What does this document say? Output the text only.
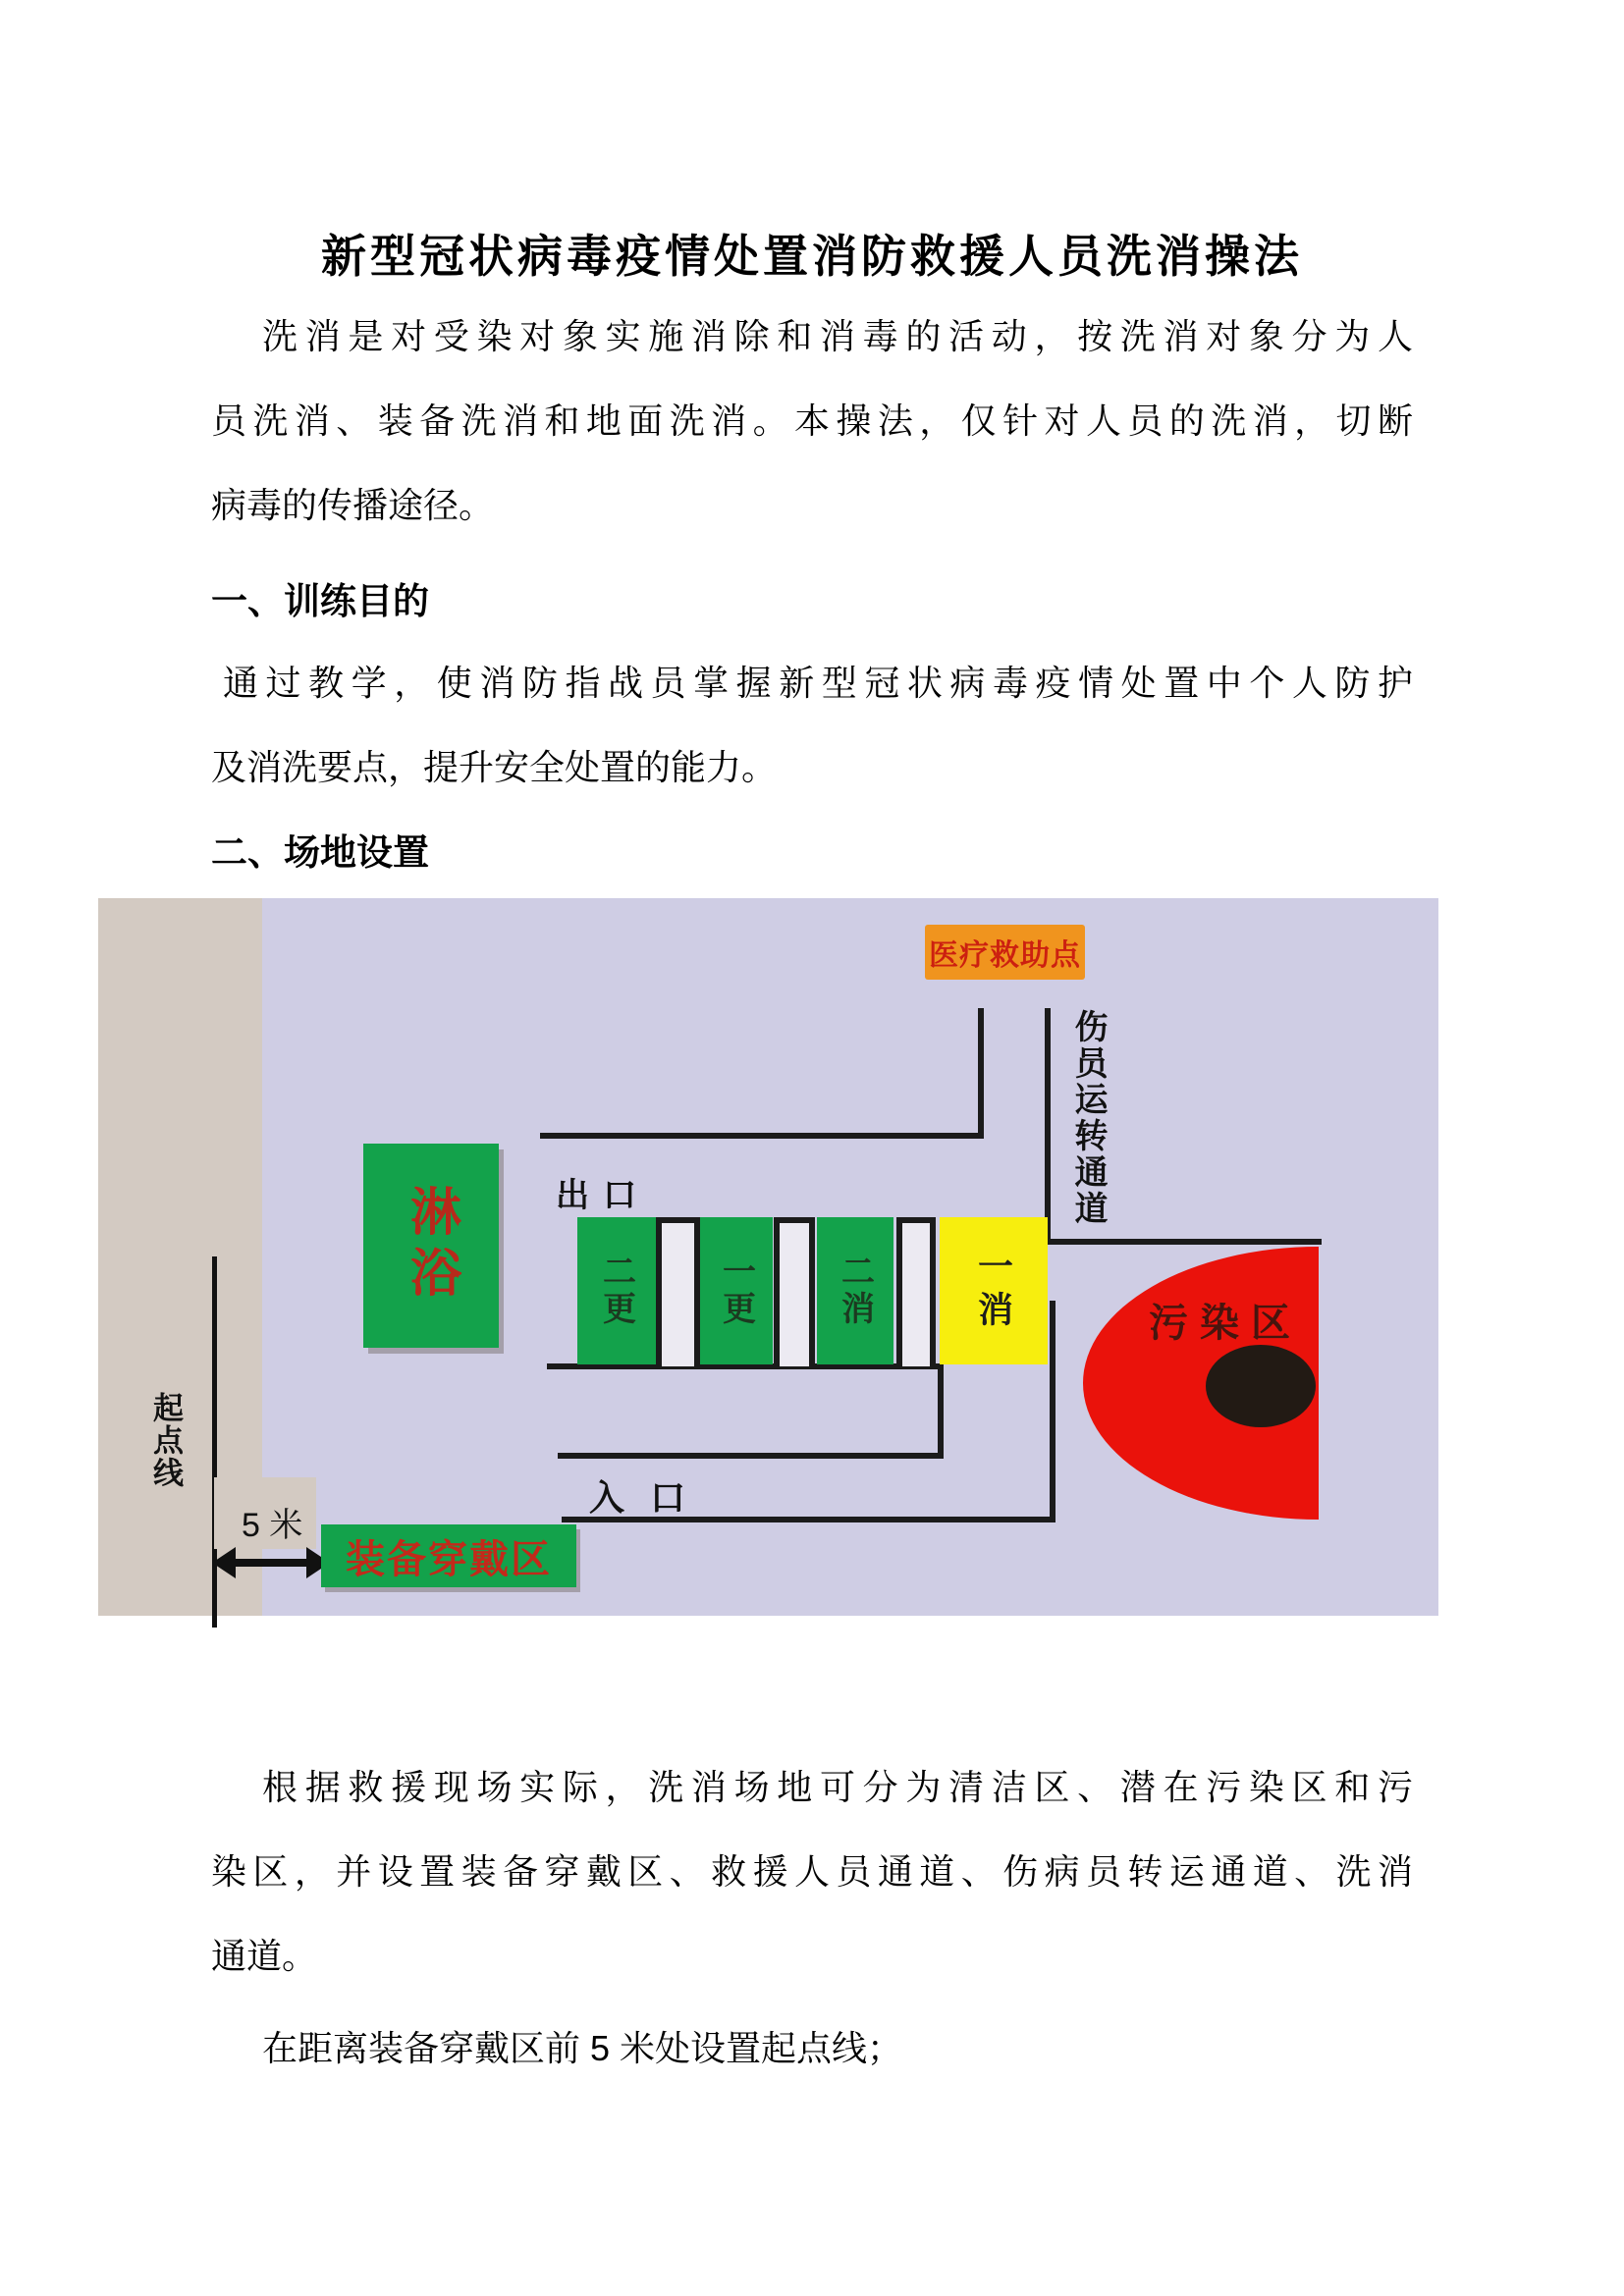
新型冠状病毒疫情处置消防救援人员洗消操法
洗消是对受染对象实施消除和消毒的活动，按洗消对象分为人
员洗消、装备洗消和地面洗消。本操法，仅针对人员的洗消，切断
病毒的传播途径。
一、训练目的
通过教学，使消防指战员掌握新型冠状病毒疫情处置中个人防护
及消洗要点，提升安全处置的能力。
二、场地设置
医疗救助点
伤员运转通道
淋浴	出口
入口
二更 一更 二消	一消	污染区
起点线
5 米
装备穿戴区
根据救援现场实际，洗消场地可分为清洁区、潜在污染区和污
染区，并设置装备穿戴区、救援人员通道、伤病员转运通道、洗消
通道。
在距离装备穿戴区前 5 米处设置起点线；
